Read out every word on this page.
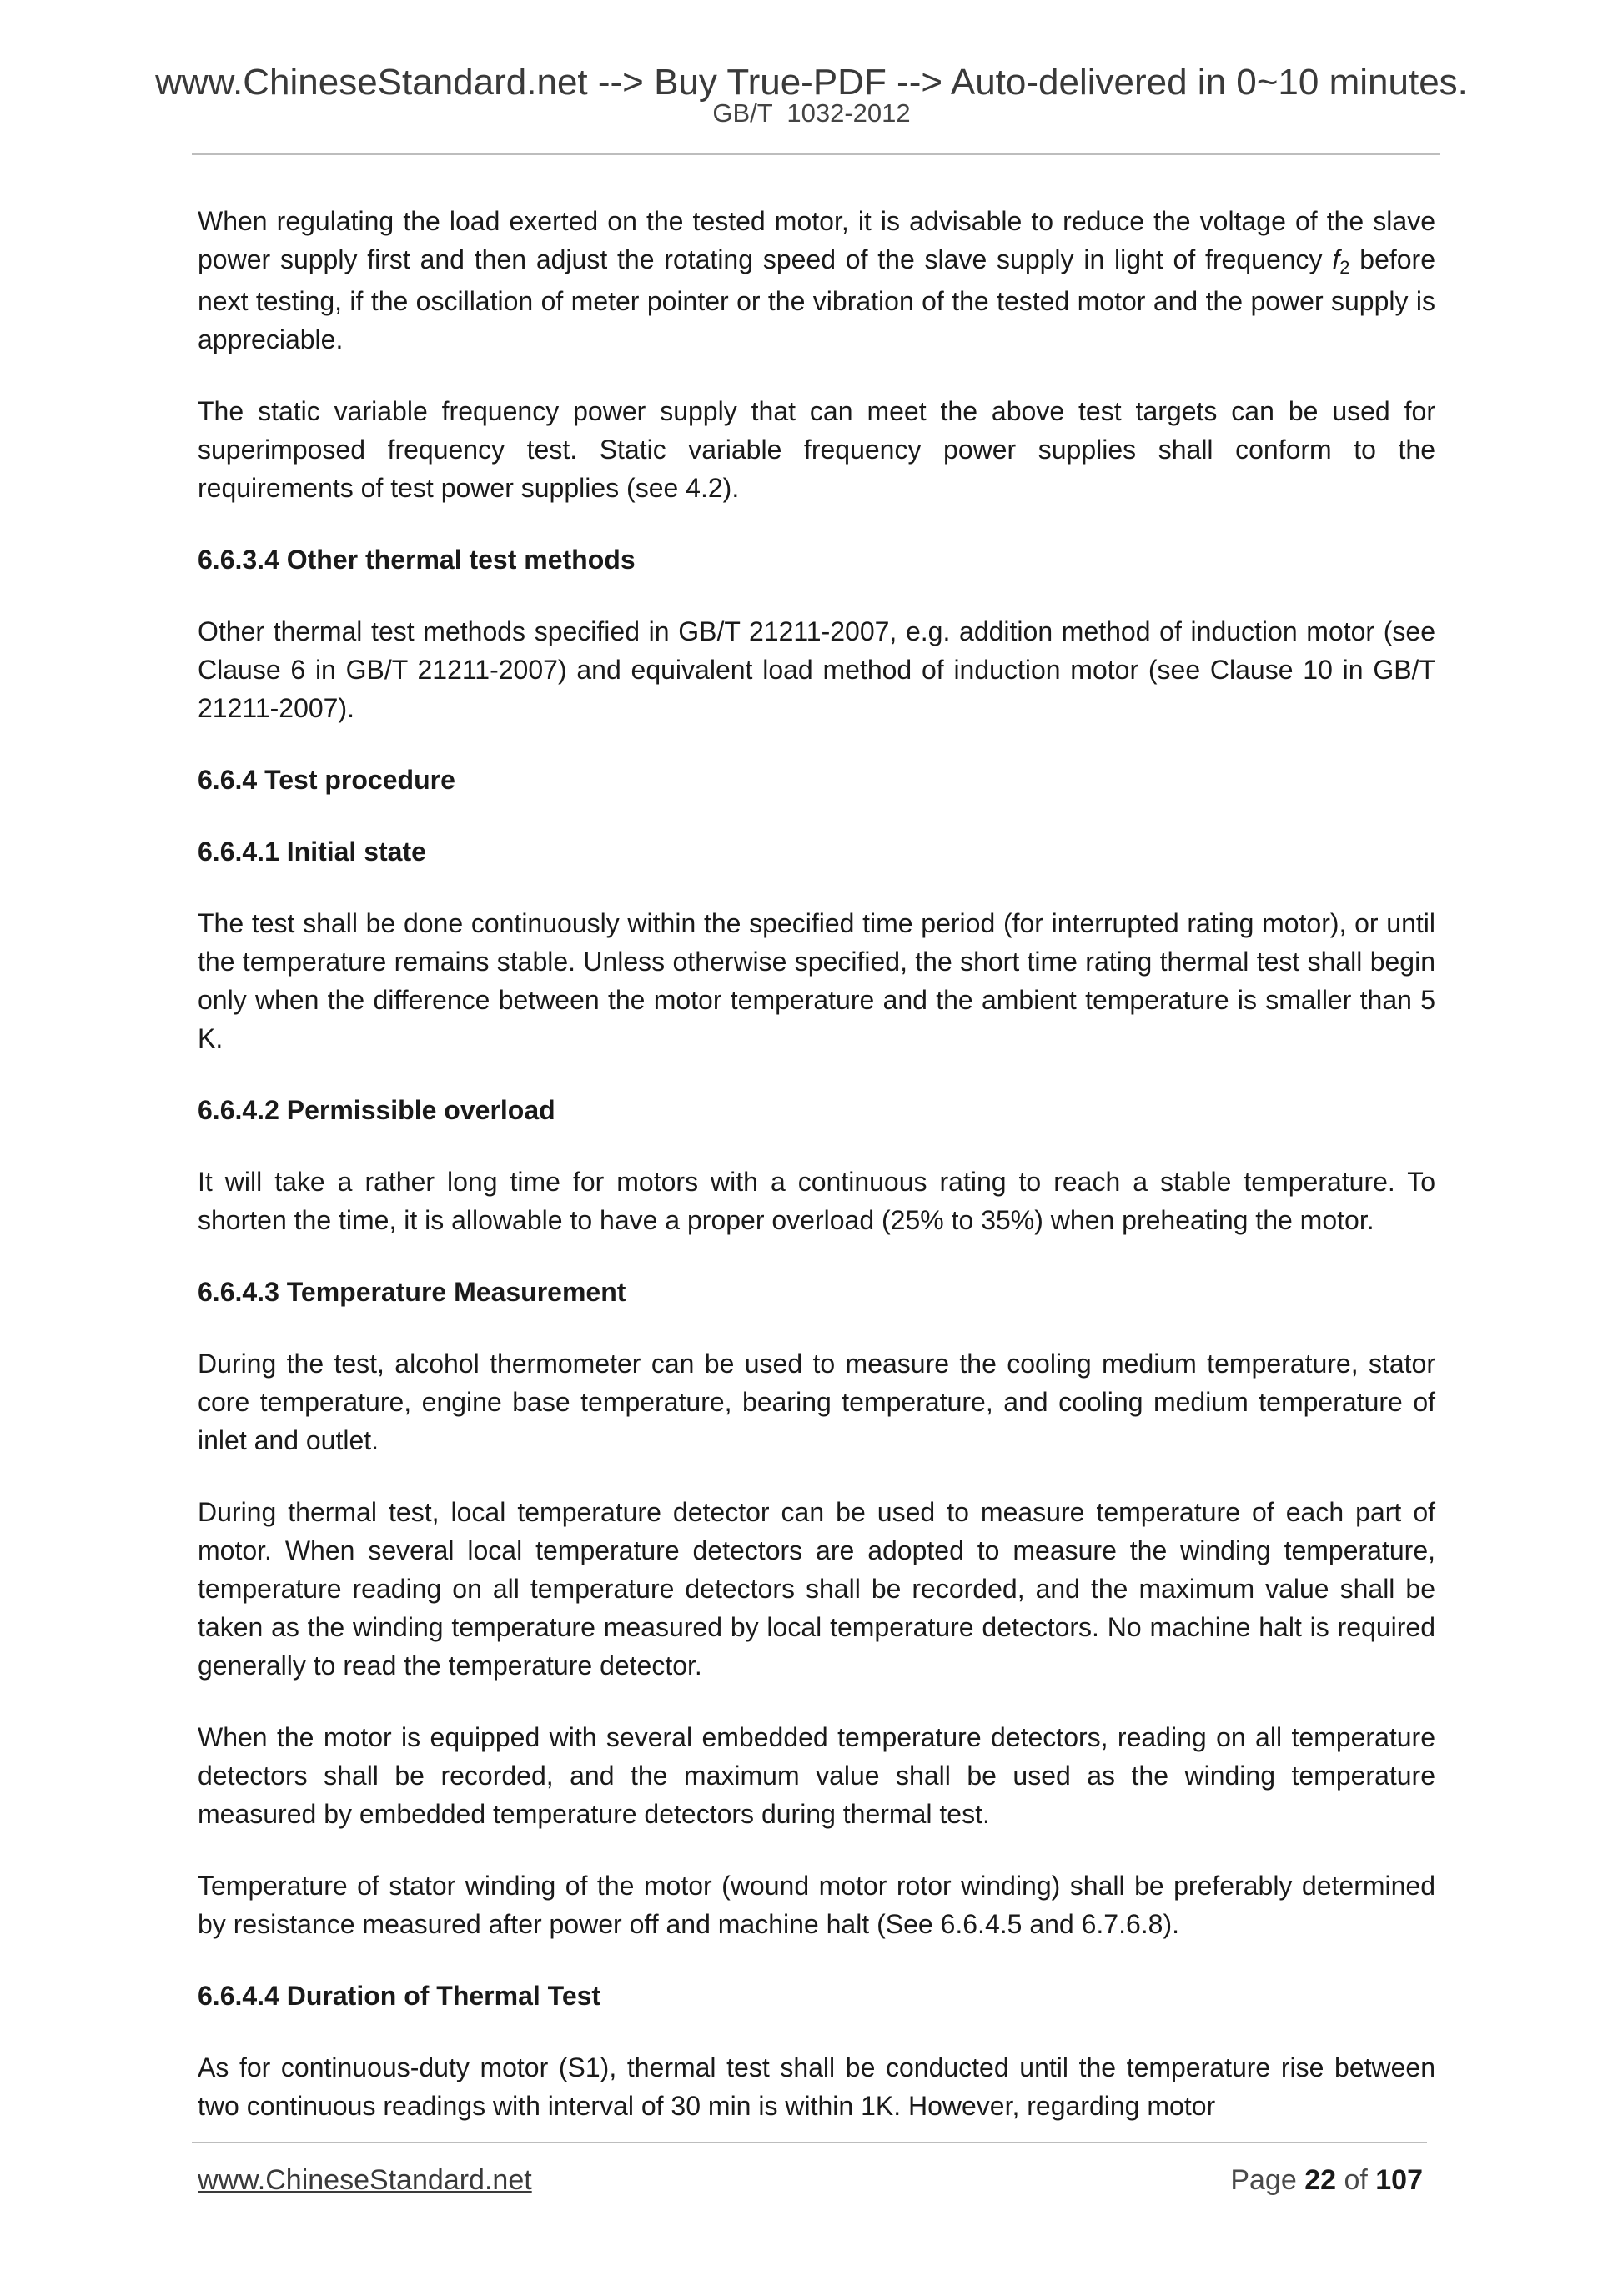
www.ChineseStandard.net --> Buy True-PDF --> Auto-delivered in 0~10 minutes.
GB/T  1032-2012

When regulating the load exerted on the tested motor, it is advisable to reduce the voltage of the slave power supply first and then adjust the rotating speed of the slave supply in light of frequency f2 before next testing, if the oscillation of meter pointer or the vibration of the tested motor and the power supply is appreciable.

The static variable frequency power supply that can meet the above test targets can be used for superimposed frequency test. Static variable frequency power supplies shall conform to the requirements of test power supplies (see 4.2).

6.6.3.4 Other thermal test methods

Other thermal test methods specified in GB/T 21211-2007, e.g. addition method of induction motor (see Clause 6 in GB/T 21211-2007) and equivalent load method of induction motor (see Clause 10 in GB/T 21211-2007).

6.6.4 Test procedure

6.6.4.1 Initial state

The test shall be done continuously within the specified time period (for interrupted rating motor), or until the temperature remains stable. Unless otherwise specified, the short time rating thermal test shall begin only when the difference between the motor temperature and the ambient temperature is smaller than 5 K.

6.6.4.2 Permissible overload

It will take a rather long time for motors with a continuous rating to reach a stable temperature. To shorten the time, it is allowable to have a proper overload (25% to 35%) when preheating the motor.

6.6.4.3 Temperature Measurement

During the test, alcohol thermometer can be used to measure the cooling medium temperature, stator core temperature, engine base temperature, bearing temperature, and cooling medium temperature of inlet and outlet.

During thermal test, local temperature detector can be used to measure temperature of each part of motor. When several local temperature detectors are adopted to measure the winding temperature, temperature reading on all temperature detectors shall be recorded, and the maximum value shall be taken as the winding temperature measured by local temperature detectors. No machine halt is required generally to read the temperature detector.

When the motor is equipped with several embedded temperature detectors, reading on all temperature detectors shall be recorded, and the maximum value shall be used as the winding temperature measured by embedded temperature detectors during thermal test.

Temperature of stator winding of the motor (wound motor rotor winding) shall be preferably determined by resistance measured after power off and machine halt (See 6.6.4.5 and 6.7.6.8).

6.6.4.4 Duration of Thermal Test

As for continuous-duty motor (S1), thermal test shall be conducted until the temperature rise between two continuous readings with interval of 30 min is within 1K. However, regarding motor

www.ChineseStandard.net	Page 22 of 107
